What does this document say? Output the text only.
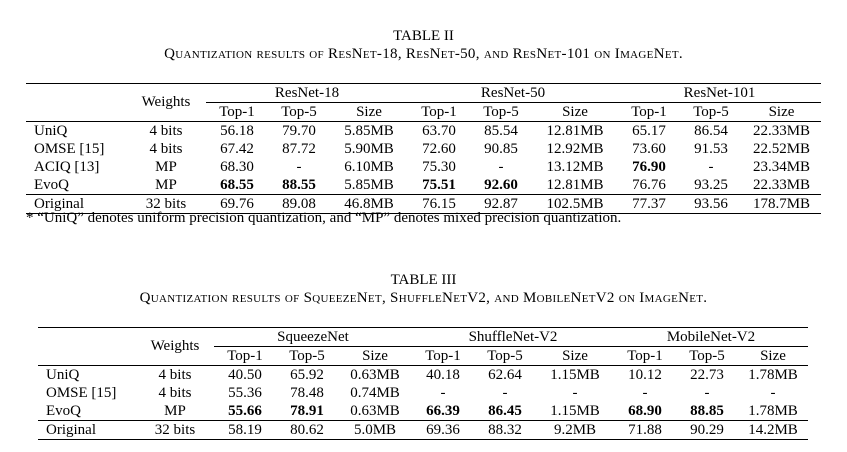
TABLE II
Quantization results of ResNet-18, ResNet-50, and ResNet-101 on ImageNet.
	Weights	ResNet-18			ResNet-50			ResNet-101		
		Top-1	Top-5	Size	Top-1	Top-5	Size	Top-1	Top-5	Size
UniQ	4 bits	56.18	79.70	5.85MB	63.70	85.54	12.81MB	65.17	86.54	22.33MB
OMSE [15]	4 bits	67.42	87.72	5.90MB	72.60	90.85	12.92MB	73.60	91.53	22.52MB
ACIQ [13]	MP	68.30	-	6.10MB	75.30	-	13.12MB	76.90	-	23.34MB
EvoQ	MP	68.55	88.55	5.85MB	75.51	92.60	12.81MB	76.76	93.25	22.33MB
Original	32 bits	69.76	89.08	46.8MB	76.15	92.87	102.5MB	77.37	93.56	178.7MB
* “UniQ” denotes uniform precision quantization, and “MP” denotes mixed precision quantization.
TABLE III
Quantization results of SqueezeNet, ShuffleNetV2, and MobileNetV2 on ImageNet.
	Weights	SqueezeNet			ShuffleNet-V2			MobileNet-V2		
		Top-1	Top-5	Size	Top-1	Top-5	Size	Top-1	Top-5	Size
UniQ	4 bits	40.50	65.92	0.63MB	40.18	62.64	1.15MB	10.12	22.73	1.78MB
OMSE [15]	4 bits	55.36	78.48	0.74MB	-	-	-	-	-	-
EvoQ	MP	55.66	78.91	0.63MB	66.39	86.45	1.15MB	68.90	88.85	1.78MB
Original	32 bits	58.19	80.62	5.0MB	69.36	88.32	9.2MB	71.88	90.29	14.2MB
